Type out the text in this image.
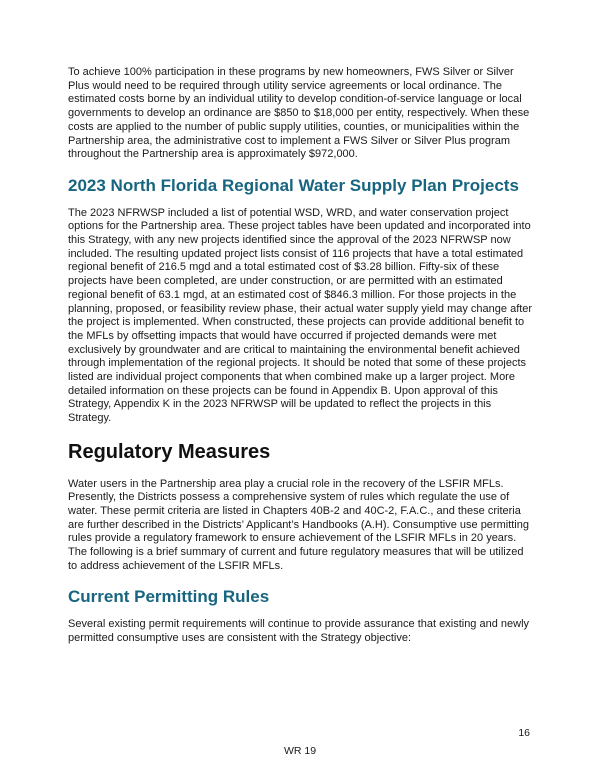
To achieve 100% participation in these programs by new homeowners, FWS Silver or Silver Plus would need to be required through utility service agreements or local ordinance. The estimated costs borne by an individual utility to develop condition-of-service language or local governments to develop an ordinance are $850 to $18,000 per entity, respectively. When these costs are applied to the number of public supply utilities, counties, or municipalities within the Partnership area, the administrative cost to implement a FWS Silver or Silver Plus program throughout the Partnership area is approximately $972,000.

2023 North Florida Regional Water Supply Plan Projects

The 2023 NFRWSP included a list of potential WSD, WRD, and water conservation project options for the Partnership area. These project tables have been updated and incorporated into this Strategy, with any new projects identified since the approval of the 2023 NFRWSP now included. The resulting updated project lists consist of 116 projects that have a total estimated regional benefit of 216.5 mgd and a total estimated cost of $3.28 billion. Fifty-six of these projects have been completed, are under construction, or are permitted with an estimated regional benefit of 63.1 mgd, at an estimated cost of $846.3 million. For those projects in the planning, proposed, or feasibility review phase, their actual water supply yield may change after the project is implemented. When constructed, these projects can provide additional benefit to the MFLs by offsetting impacts that would have occurred if projected demands were met exclusively by groundwater and are critical to maintaining the environmental benefit achieved through implementation of the regional projects. It should be noted that some of these projects listed are individual project components that when combined make up a larger project. More detailed information on these projects can be found in Appendix B. Upon approval of this Strategy, Appendix K in the 2023 NFRWSP will be updated to reflect the projects in this Strategy.

Regulatory Measures

Water users in the Partnership area play a crucial role in the recovery of the LSFIR MFLs. Presently, the Districts possess a comprehensive system of rules which regulate the use of water. These permit criteria are listed in Chapters 40B-2 and 40C-2, F.A.C., and these criteria are further described in the Districts’ Applicant’s Handbooks (A.H). Consumptive use permitting rules provide a regulatory framework to ensure achievement of the LSFIR MFLs in 20 years. The following is a brief summary of current and future regulatory measures that will be utilized to address achievement of the LSFIR MFLs.

Current Permitting Rules

Several existing permit requirements will continue to provide assurance that existing and newly permitted consumptive uses are consistent with the Strategy objective:

16
WR 19
